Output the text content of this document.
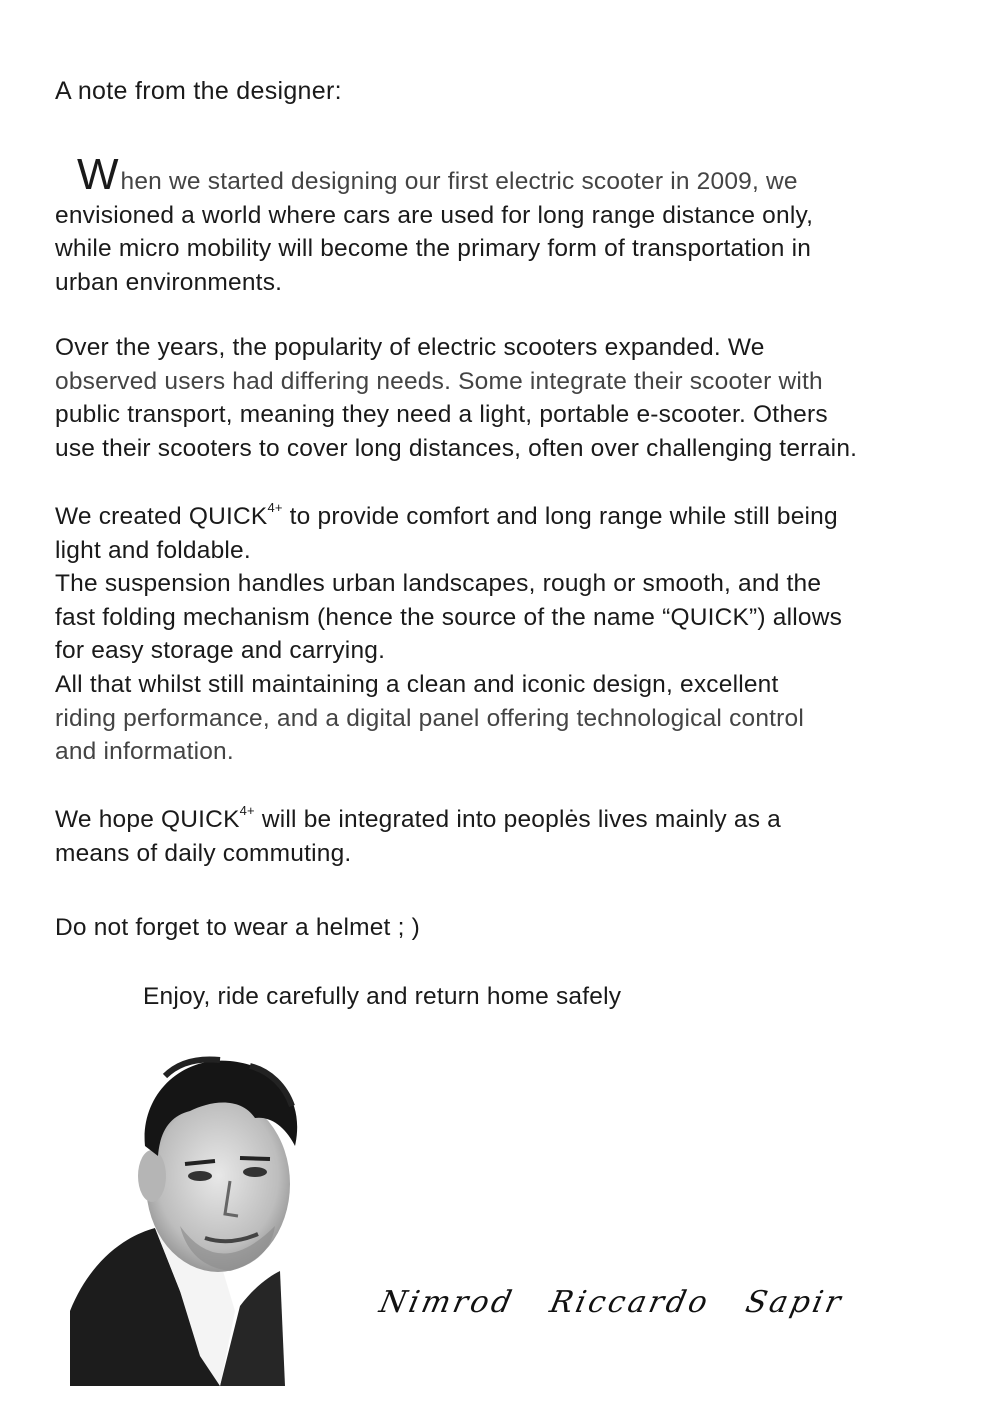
A note from the designer:

When we started designing our first electric scooter in 2009, we
envisioned a world where cars are used for long range distance only,
while micro mobility will become the primary form of transportation in
urban environments.

Over the years, the popularity of electric scooters expanded. We
observed users had differing needs. Some integrate their scooter with
public transport, meaning they need a light, portable e-scooter. Others
use their scooters to cover long distances, often over challenging terrain.

We created $QUICK^{4+}$ to provide comfort and long range while still being
light and foldable.
The suspension handles urban landscapes, rough or smooth, and the
fast folding mechanism (hence the source of the name “QUICK”) allows
for easy storage and carrying.
All that whilst still maintaining a clean and iconic design, excellent
riding performance, and a digital panel offering technological control
and information.

We hope $QUICK^{4+}$ will be integrated into peoplės lives mainly as a
means of daily commuting.

Do not forget to wear a helmet ; )

Enjoy, ride carefully and return home safely

Nimrod Riccardo Sapir
